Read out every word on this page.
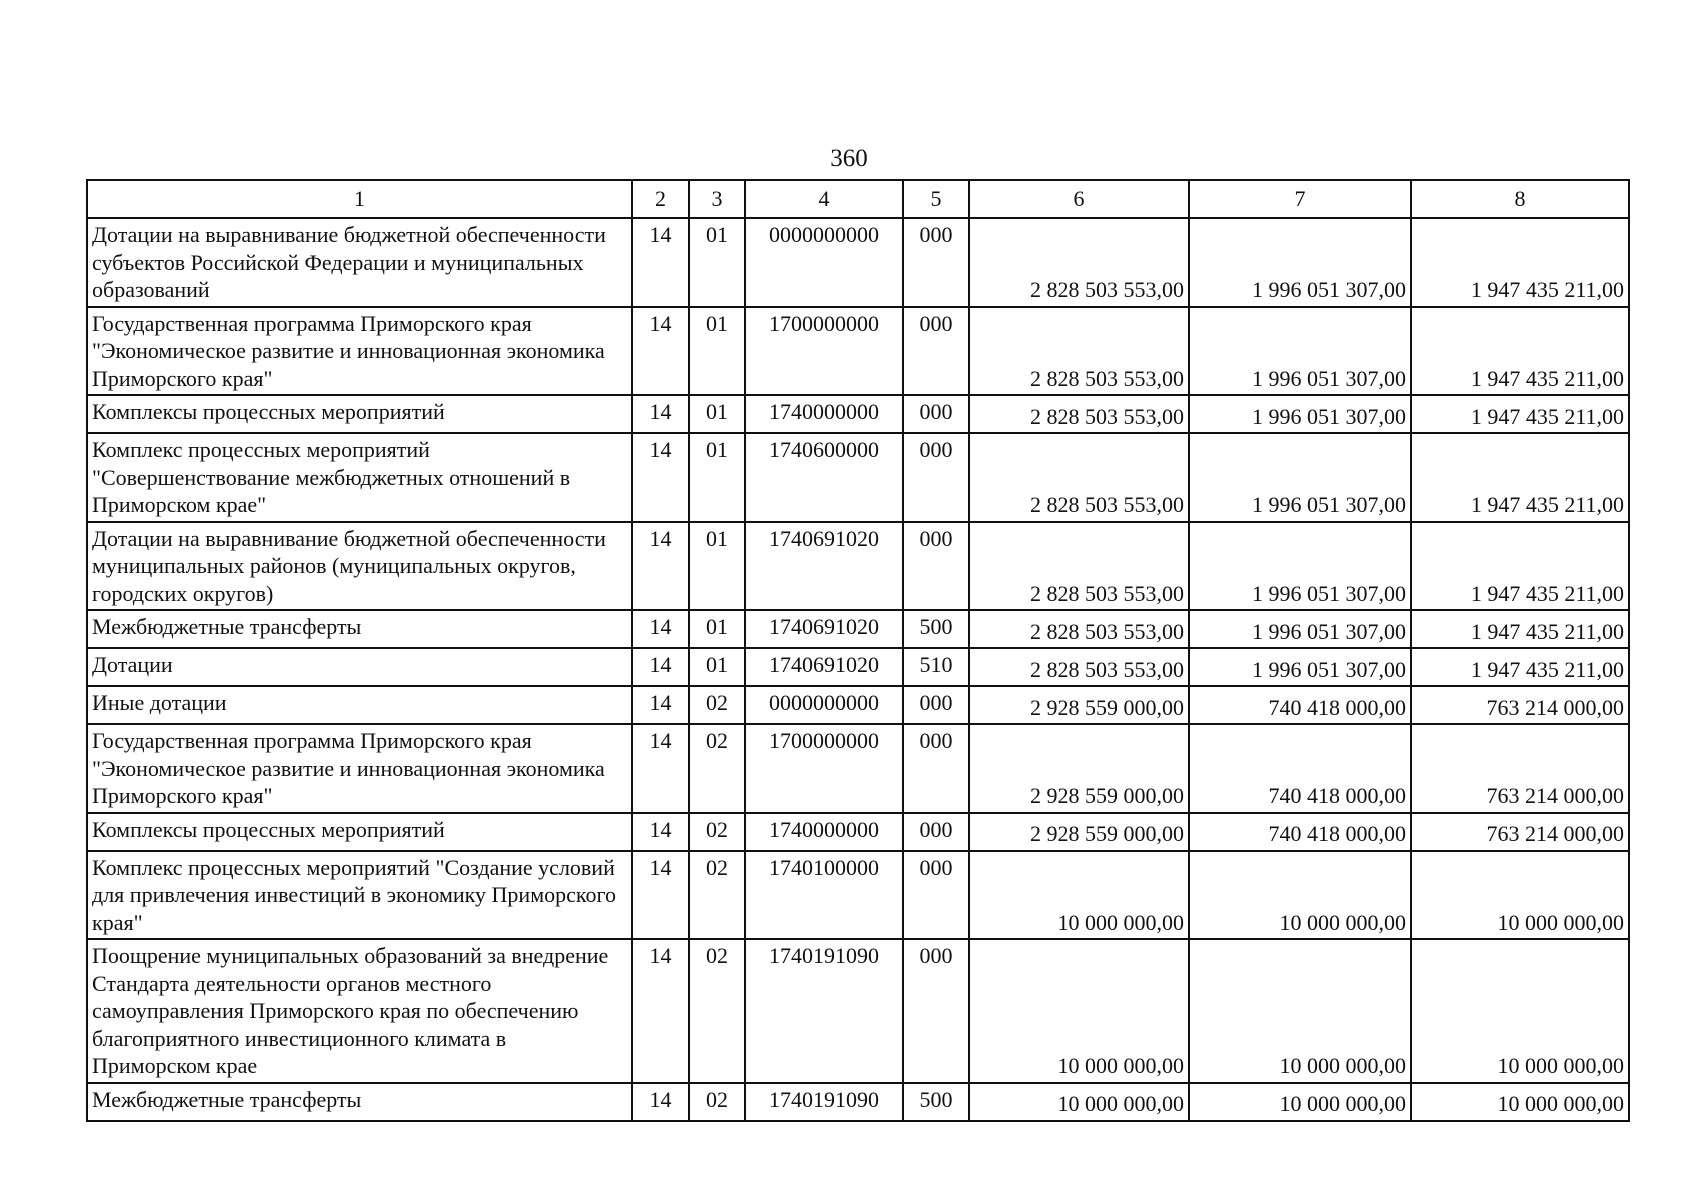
360
1	2	3	4	5	6	7	8
Дотации на выравнивание бюджетной обеспеченности субъектов Российской Федерации и муниципальных образований	14	01	0000000000	000	2 828 503 553,00	1 996 051 307,00	1 947 435 211,00
Государственная программа Приморского края "Экономическое развитие и инновационная экономика Приморского края"	14	01	1700000000	000	2 828 503 553,00	1 996 051 307,00	1 947 435 211,00
Комплексы процессных мероприятий	14	01	1740000000	000	2 828 503 553,00	1 996 051 307,00	1 947 435 211,00
Комплекс процессных мероприятий "Совершенствование межбюджетных отношений в Приморском крае"	14	01	1740600000	000	2 828 503 553,00	1 996 051 307,00	1 947 435 211,00
Дотации на выравнивание бюджетной обеспеченности муниципальных районов (муниципальных округов, городских округов)	14	01	1740691020	000	2 828 503 553,00	1 996 051 307,00	1 947 435 211,00
Межбюджетные трансферты	14	01	1740691020	500	2 828 503 553,00	1 996 051 307,00	1 947 435 211,00
Дотации	14	01	1740691020	510	2 828 503 553,00	1 996 051 307,00	1 947 435 211,00
Иные дотации	14	02	0000000000	000	2 928 559 000,00	740 418 000,00	763 214 000,00
Государственная программа Приморского края "Экономическое развитие и инновационная экономика Приморского края"	14	02	1700000000	000	2 928 559 000,00	740 418 000,00	763 214 000,00
Комплексы процессных мероприятий	14	02	1740000000	000	2 928 559 000,00	740 418 000,00	763 214 000,00
Комплекс процессных мероприятий "Создание условий для привлечения инвестиций в экономику Приморского края"	14	02	1740100000	000	10 000 000,00	10 000 000,00	10 000 000,00
Поощрение муниципальных образований за внедрение Стандарта деятельности органов местного самоуправления Приморского края по обеспечению благоприятного инвестиционного климата в Приморском крае	14	02	1740191090	000	10 000 000,00	10 000 000,00	10 000 000,00
Межбюджетные трансферты	14	02	1740191090	500	10 000 000,00	10 000 000,00	10 000 000,00
